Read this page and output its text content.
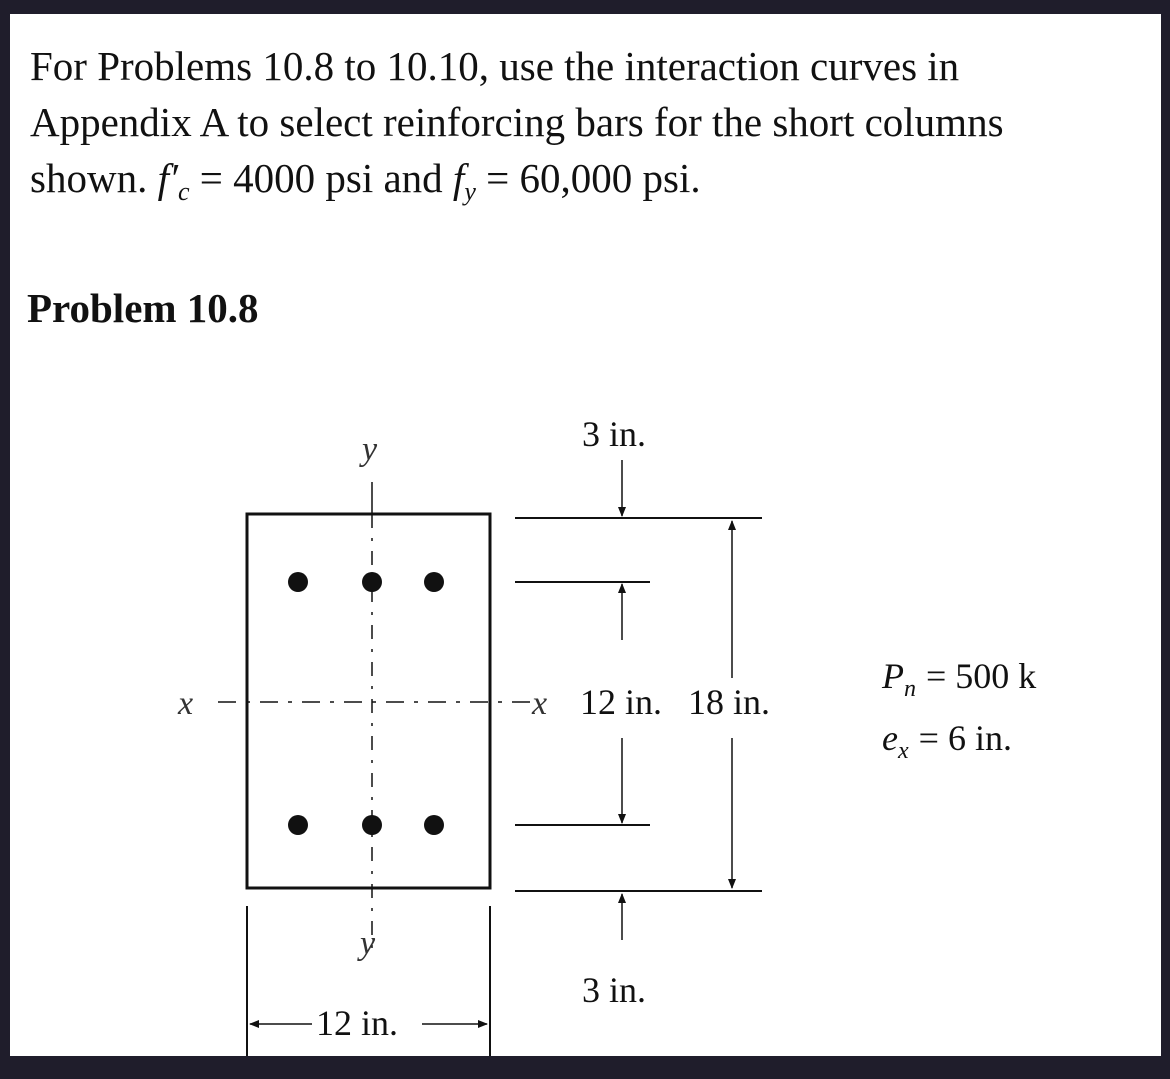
For Problems 10.8 to 10.10, use the interaction curves in
Appendix A to select reinforcing bars for the short columns
shown. f′c = 4000 psi and fy = 60,000 psi.
Problem 10.8
y
y
x	x
3 in.
12 in. 18 in.
3 in.
12 in.
$P_n = 500$ k
$e_x = 6$ in.
